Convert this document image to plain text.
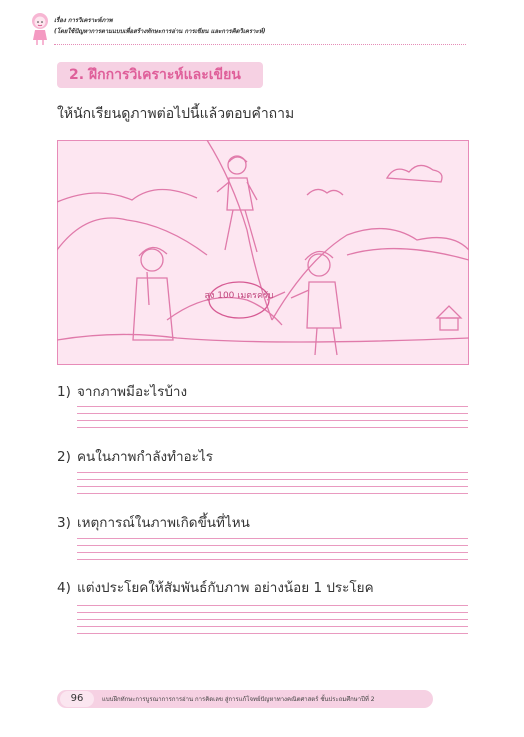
เรื่อง การวิเคราะห์ภาพ
(โดยใช้ปัญหาการตามแบบเพื่อสร้างทักษะการอ่าน การเขียน และการคิดวิเคราะห์)
2. ฝึกการวิเคราะห์และเขียน
ให้นักเรียนดูภาพต่อไปนี้แล้วตอบคำถาม
สูง 100 เมตรครับ
1) จากภาพมีอะไรบ้าง
2) คนในภาพกำลังทำอะไร
3) เหตุการณ์ในภาพเกิดขึ้นที่ไหน
4) แต่งประโยคให้สัมพันธ์กับภาพ อย่างน้อย 1 ประโยค
96	แบบฝึกทักษะการบูรณาการการอ่าน การคิดเลข สู่การแก้โจทย์ปัญหาทางคณิตศาสตร์ ชั้นประถมศึกษาปีที่ 2
